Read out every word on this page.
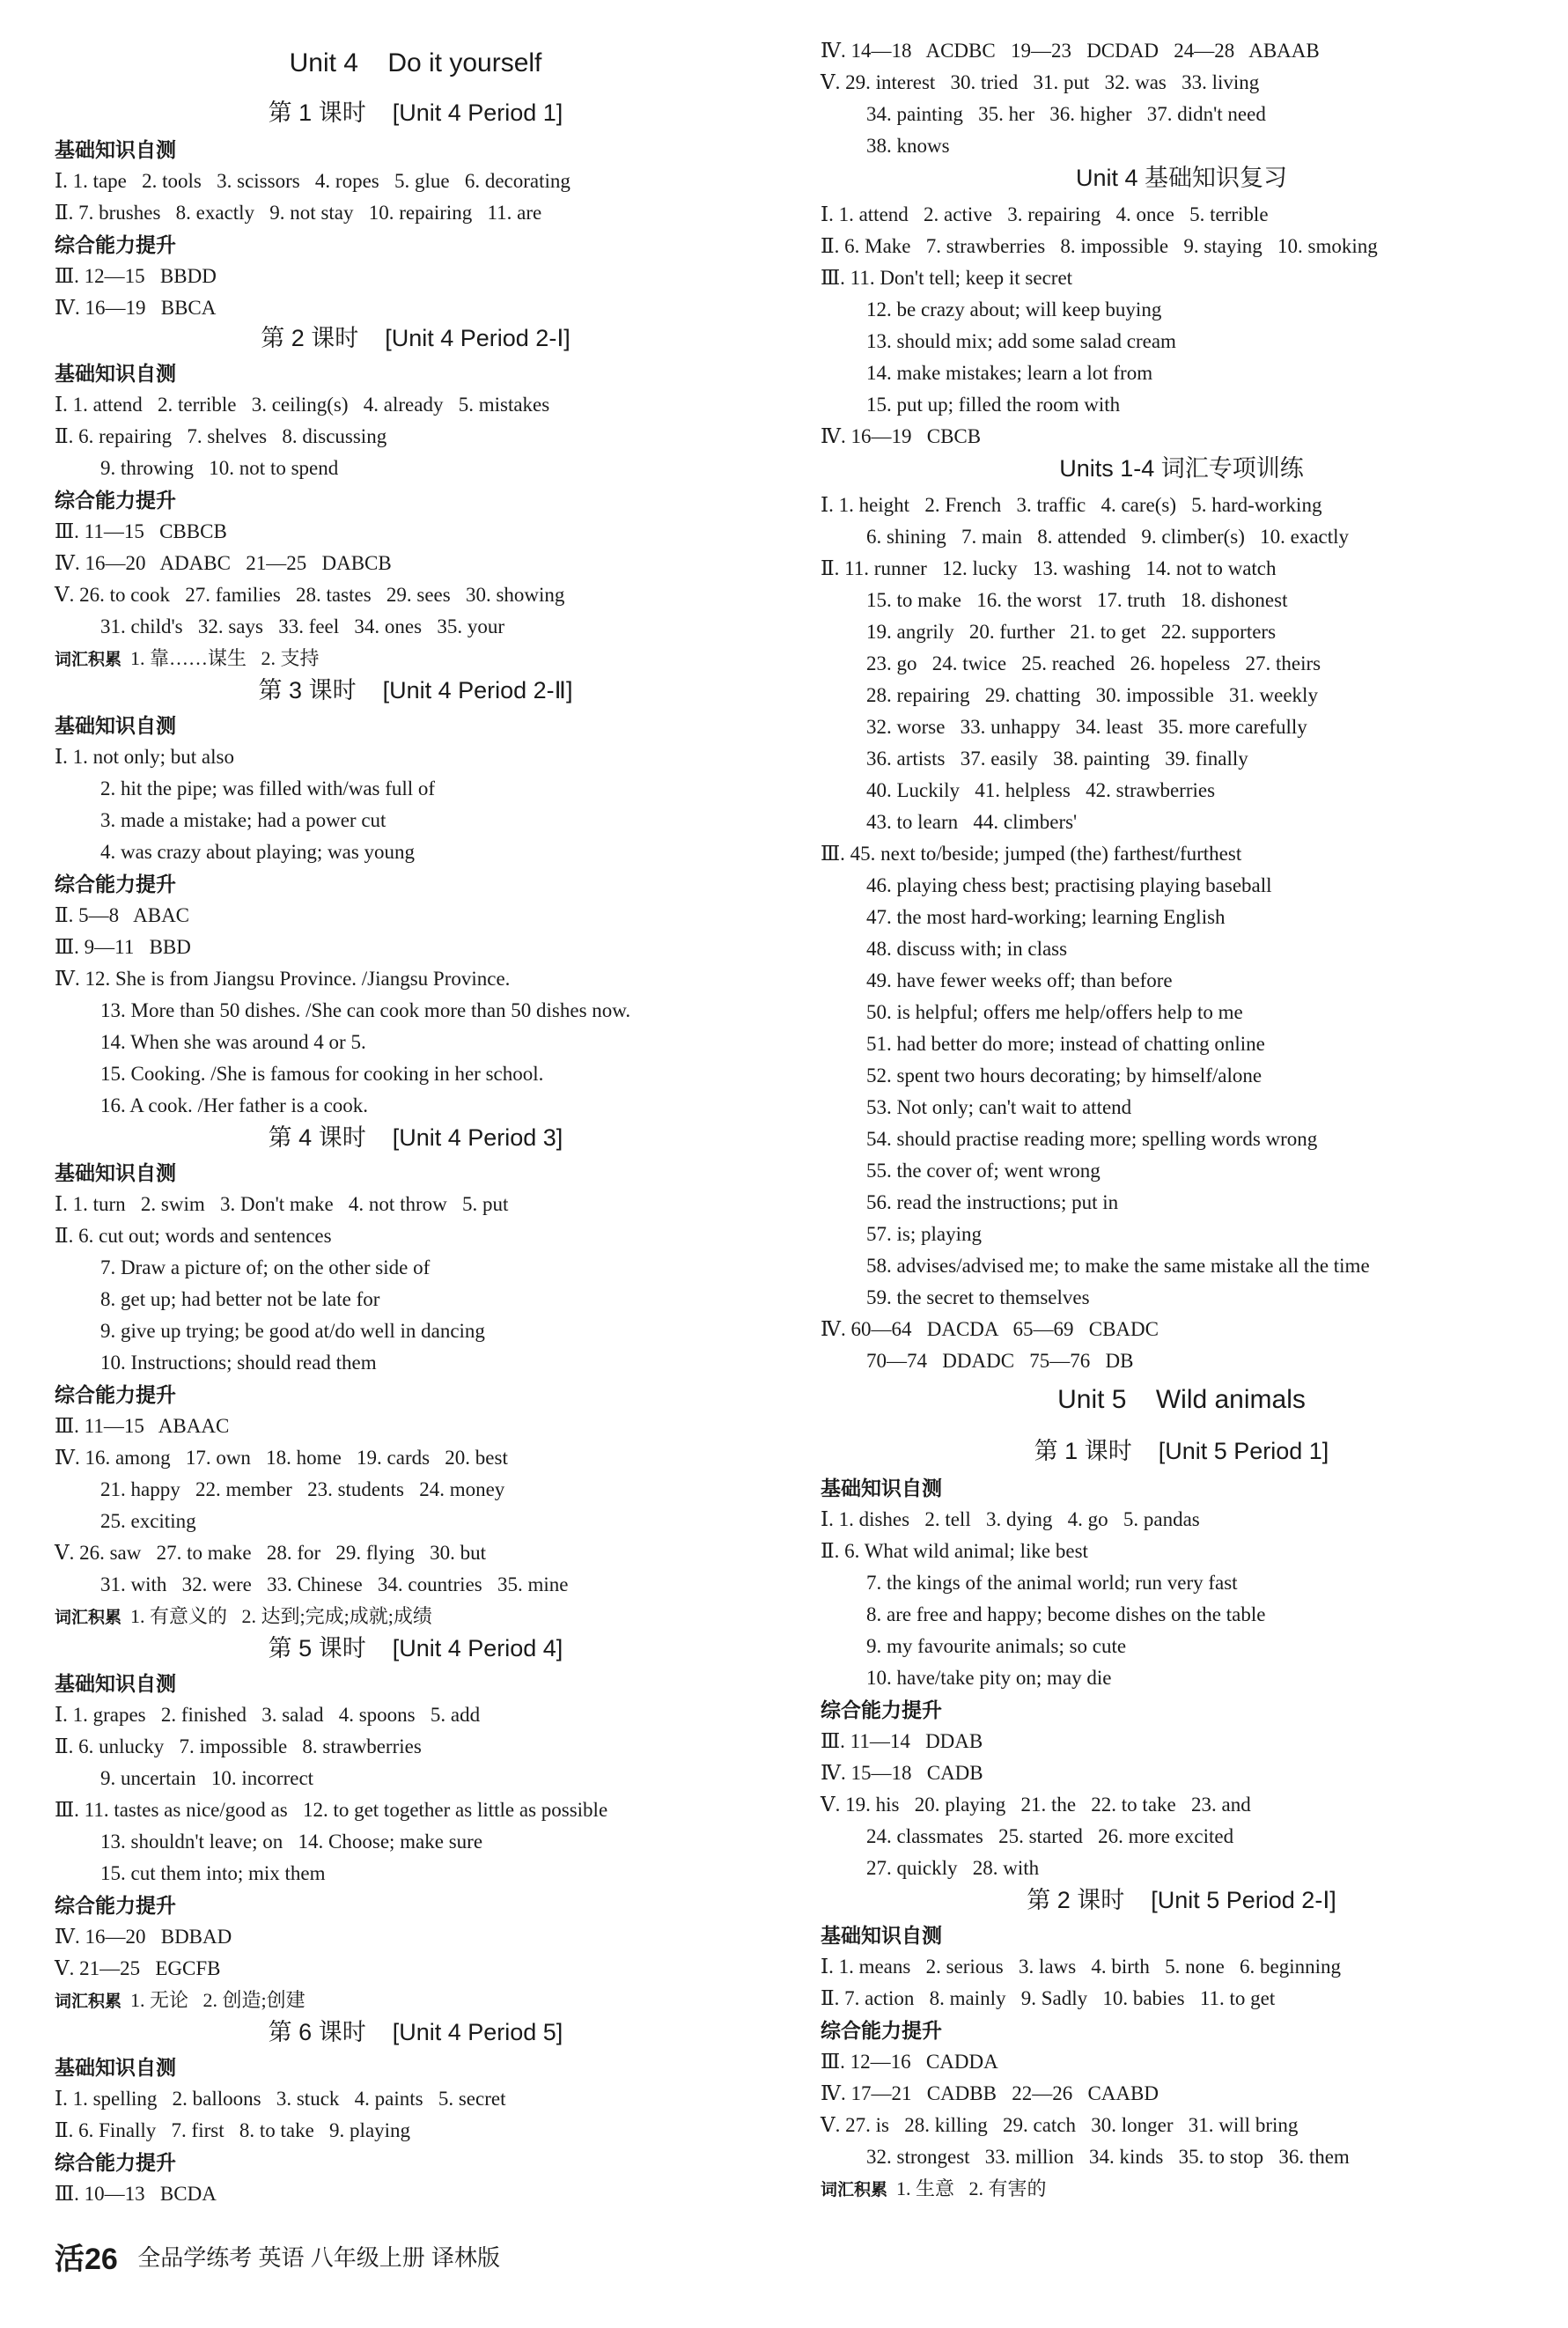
Unit 4    Do it yourself
第 1 课时    [Unit 4 Period 1]
基础知识自测
Ⅰ. 1. tape   2. tools   3. scissors   4. ropes   5. glue   6. decorating
Ⅱ. 7. brushes   8. exactly   9. not stay   10. repairing   11. are
综合能力提升
Ⅲ. 12—15   BBDD
Ⅳ. 16—19   BBCA
第 2 课时    [Unit 4 Period 2-Ⅰ]
基础知识自测
Ⅰ. 1. attend   2. terrible   3. ceiling(s)   4. already   5. mistakes
Ⅱ. 6. repairing   7. shelves   8. discussing
9. throwing   10. not to spend
综合能力提升
Ⅲ. 11—15   CBBCB
Ⅳ. 16—20   ADABC   21—25   DABCB
Ⅴ. 26. to cook   27. families   28. tastes   29. sees   30. showing
31. child's   32. says   33. feel   34. ones   35. your
词汇积累 1. 靠……谋生   2. 支持
第 3 课时    [Unit 4 Period 2-Ⅱ]
基础知识自测
Ⅰ. 1. not only; but also
2. hit the pipe; was filled with/was full of
3. made a mistake; had a power cut
4. was crazy about playing; was young
综合能力提升
Ⅱ. 5—8   ABAC
Ⅲ. 9—11   BBD
Ⅳ. 12. She is from Jiangsu Province. /Jiangsu Province.
13. More than 50 dishes. /She can cook more than 50 dishes now.
14. When she was around 4 or 5.
15. Cooking. /She is famous for cooking in her school.
16. A cook. /Her father is a cook.
第 4 课时    [Unit 4 Period 3]
基础知识自测
Ⅰ. 1. turn   2. swim   3. Don't make   4. not throw   5. put
Ⅱ. 6. cut out; words and sentences
7. Draw a picture of; on the other side of
8. get up; had better not be late for
9. give up trying; be good at/do well in dancing
10. Instructions; should read them
综合能力提升
Ⅲ. 11—15   ABAAC
Ⅳ. 16. among   17. own   18. home   19. cards   20. best
21. happy   22. member   23. students   24. money
25. exciting
Ⅴ. 26. saw   27. to make   28. for   29. flying   30. but
31. with   32. were   33. Chinese   34. countries   35. mine
词汇积累 1. 有意义的   2. 达到;完成;成就;成绩
第 5 课时    [Unit 4 Period 4]
基础知识自测
Ⅰ. 1. grapes   2. finished   3. salad   4. spoons   5. add
Ⅱ. 6. unlucky   7. impossible   8. strawberries
9. uncertain   10. incorrect
Ⅲ. 11. tastes as nice/good as   12. to get together as little as possible
13. shouldn't leave; on   14. Choose; make sure
15. cut them into; mix them
综合能力提升
Ⅳ. 16—20   BDBAD
Ⅴ. 21—25   EGCFB
词汇积累 1. 无论   2. 创造;创建
第 6 课时    [Unit 4 Period 5]
基础知识自测
Ⅰ. 1. spelling   2. balloons   3. stuck   4. paints   5. secret
Ⅱ. 6. Finally   7. first   8. to take   9. playing
综合能力提升
Ⅲ. 10—13   BCDA
Ⅳ. 14—18   ACDBC   19—23   DCDAD   24—28   ABAAB
Ⅴ. 29. interest   30. tried   31. put   32. was   33. living
34. painting   35. her   36. higher   37. didn't need
38. knows
Unit 4 基础知识复习
Ⅰ. 1. attend   2. active   3. repairing   4. once   5. terrible
Ⅱ. 6. Make   7. strawberries   8. impossible   9. staying   10. smoking
Ⅲ. 11. Don't tell; keep it secret
12. be crazy about; will keep buying
13. should mix; add some salad cream
14. make mistakes; learn a lot from
15. put up; filled the room with
Ⅳ. 16—19   CBCB
Units 1-4 词汇专项训练
Ⅰ. 1. height   2. French   3. traffic   4. care(s)   5. hard-working
6. shining   7. main   8. attended   9. climber(s)   10. exactly
Ⅱ. 11. runner   12. lucky   13. washing   14. not to watch
15. to make   16. the worst   17. truth   18. dishonest
19. angrily   20. further   21. to get   22. supporters
23. go   24. twice   25. reached   26. hopeless   27. theirs
28. repairing   29. chatting   30. impossible   31. weekly
32. worse   33. unhappy   34. least   35. more carefully
36. artists   37. easily   38. painting   39. finally
40. Luckily   41. helpless   42. strawberries
43. to learn   44. climbers'
Ⅲ. 45. next to/beside; jumped (the) farthest/furthest
46. playing chess best; practising playing baseball
47. the most hard-working; learning English
48. discuss with; in class
49. have fewer weeks off; than before
50. is helpful; offers me help/offers help to me
51. had better do more; instead of chatting online
52. spent two hours decorating; by himself/alone
53. Not only; can't wait to attend
54. should practise reading more; spelling words wrong
55. the cover of; went wrong
56. read the instructions; put in
57. is; playing
58. advises/advised me; to make the same mistake all the time
59. the secret to themselves
Ⅳ. 60—64   DACDA   65—69   CBADC
70—74   DDADC   75—76   DB
Unit 5    Wild animals
第 1 课时    [Unit 5 Period 1]
基础知识自测
Ⅰ. 1. dishes   2. tell   3. dying   4. go   5. pandas
Ⅱ. 6. What wild animal; like best
7. the kings of the animal world; run very fast
8. are free and happy; become dishes on the table
9. my favourite animals; so cute
10. have/take pity on; may die
综合能力提升
Ⅲ. 11—14   DDAB
Ⅳ. 15—18   CADB
Ⅴ. 19. his   20. playing   21. the   22. to take   23. and
24. classmates   25. started   26. more excited
27. quickly   28. with
第 2 课时    [Unit 5 Period 2-Ⅰ]
基础知识自测
Ⅰ. 1. means   2. serious   3. laws   4. birth   5. none   6. beginning
Ⅱ. 7. action   8. mainly   9. Sadly   10. babies   11. to get
综合能力提升
Ⅲ. 12—16   CADDA
Ⅳ. 17—21   CADBB   22—26   CAABD
Ⅴ. 27. is   28. killing   29. catch   30. longer   31. will bring
32. strongest   33. million   34. kinds   35. to stop   36. them
词汇积累 1. 生意   2. 有害的
活26 全品学练考 英语 八年级上册 译林版
